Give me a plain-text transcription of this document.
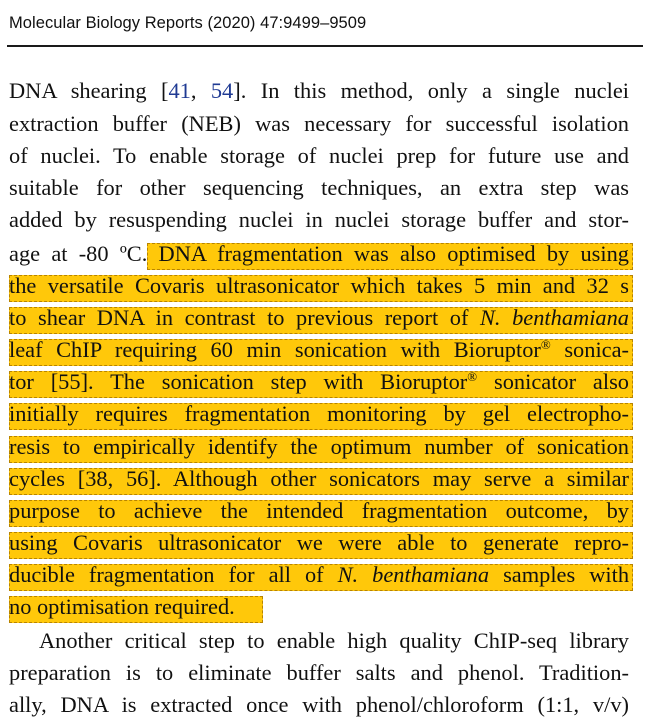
Molecular Biology Reports (2020) 47:9499–9509
DNA shearing [41, 54]. In this method, only a single nuclei
extraction buffer (NEB) was necessary for successful isolation
of nuclei. To enable storage of nuclei prep for future use and
suitable for other sequencing techniques, an extra step was
added by resuspending nuclei in nuclei storage buffer and stor-
age at -80 ºC. DNA fragmentation was also optimised by using
the versatile Covaris ultrasonicator which takes 5 min and 32 s
to shear DNA in contrast to previous report of N. benthamiana
leaf ChIP requiring 60 min sonication with Bioruptor® sonica-
tor [55]. The sonication step with Bioruptor® sonicator also
initially requires fragmentation monitoring by gel electropho-
resis to empirically identify the optimum number of sonication
cycles [38, 56]. Although other sonicators may serve a similar
purpose to achieve the intended fragmentation outcome, by
using Covaris ultrasonicator we were able to generate repro-
ducible fragmentation for all of N. benthamiana samples with
no optimisation required.
Another critical step to enable high quality ChIP-seq library
preparation is to eliminate buffer salts and phenol. Tradition-
ally, DNA is extracted once with phenol/chloroform (1:1, v/v)
